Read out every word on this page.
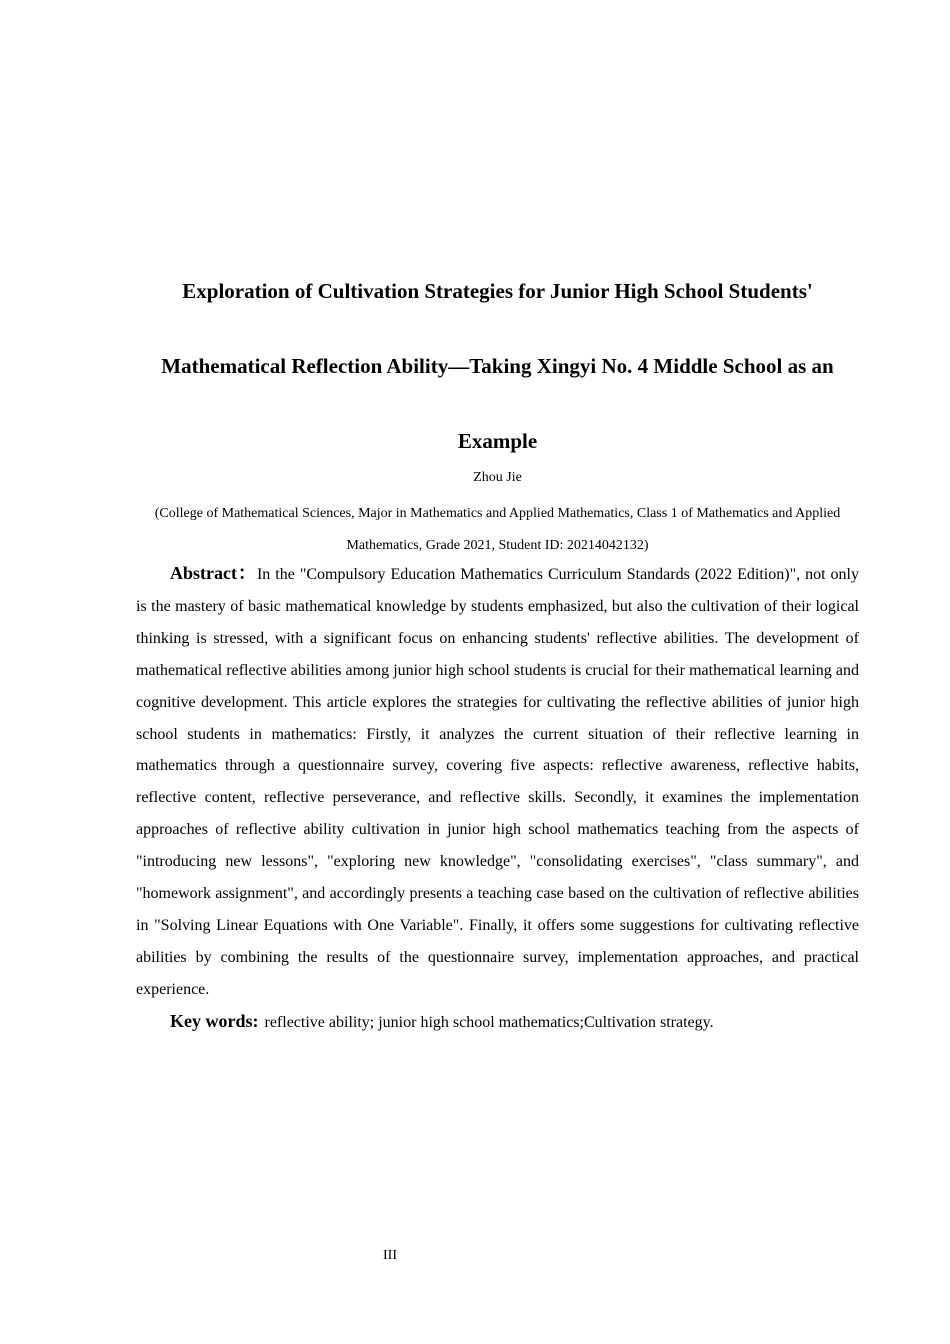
Exploration of Cultivation Strategies for Junior High School Students'
Mathematical Reflection Ability—Taking Xingyi No. 4 Middle School as an
Example
Zhou Jie
(College of Mathematical Sciences, Major in Mathematics and Applied Mathematics, Class 1 of Mathematics and Applied Mathematics, Grade 2021, Student ID: 20214042132)

Abstract：In the "Compulsory Education Mathematics Curriculum Standards (2022 Edition)", not only is the mastery of basic mathematical knowledge by students emphasized, but also the cultivation of their logical thinking is stressed, with a significant focus on enhancing students' reflective abilities. The development of mathematical reflective abilities among junior high school students is crucial for their mathematical learning and cognitive development. This article explores the strategies for cultivating the reflective abilities of junior high school students in mathematics: Firstly, it analyzes the current situation of their reflective learning in mathematics through a questionnaire survey, covering five aspects: reflective awareness, reflective habits, reflective content, reflective perseverance, and reflective skills. Secondly, it examines the implementation approaches of reflective ability cultivation in junior high school mathematics teaching from the aspects of "introducing new lessons", "exploring new knowledge", "consolidating exercises", "class summary", and "homework assignment", and accordingly presents a teaching case based on the cultivation of reflective abilities in "Solving Linear Equations with One Variable". Finally, it offers some suggestions for cultivating reflective abilities by combining the results of the questionnaire survey, implementation approaches, and practical experience.

Key words: reflective ability; junior high school mathematics;Cultivation strategy.

III
